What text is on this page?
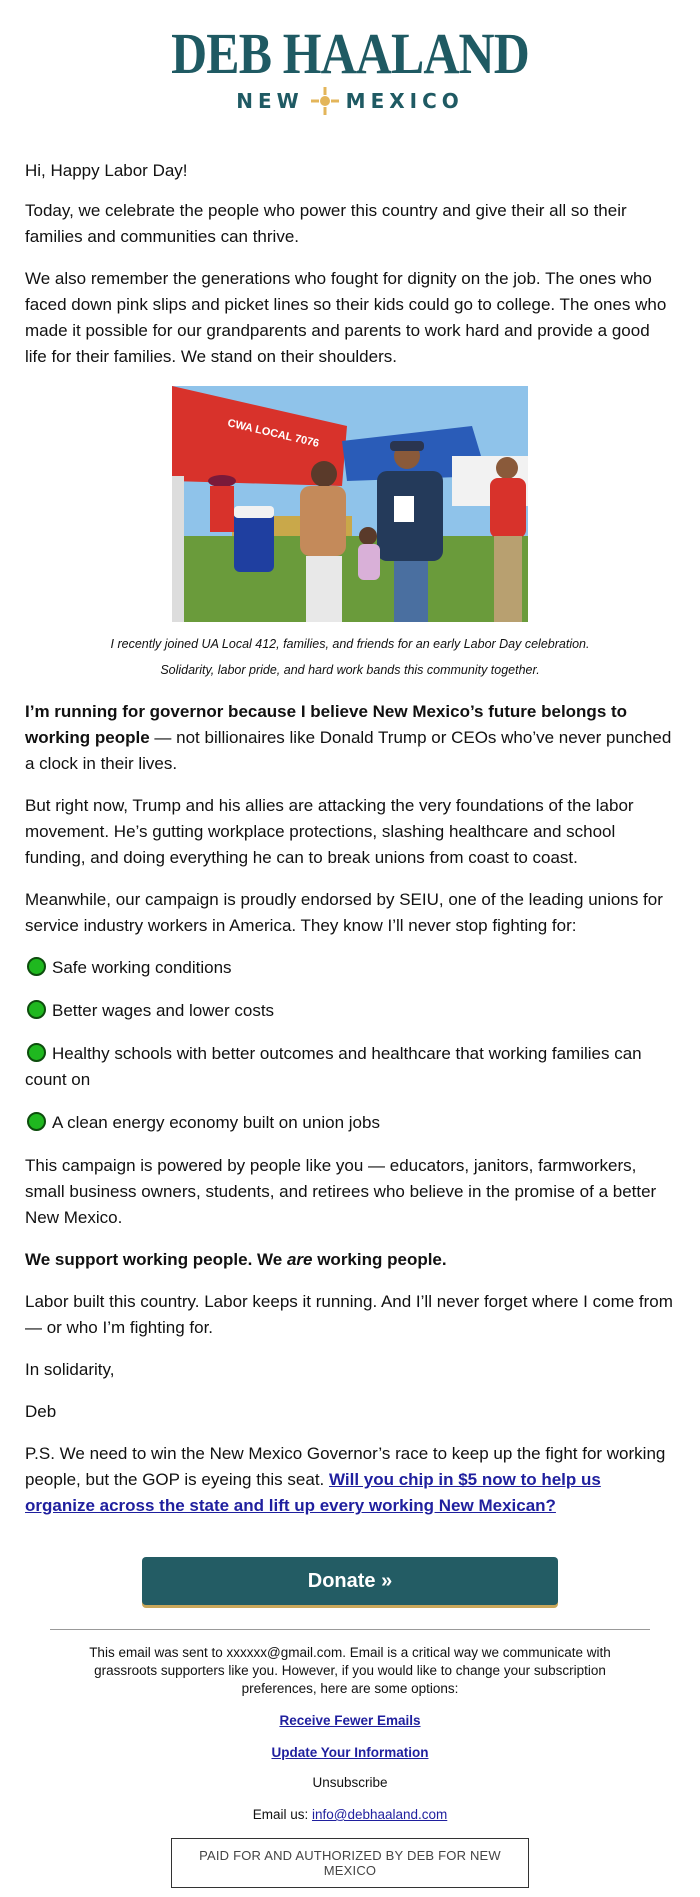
DEB HAALAND
NEW MEXICO

Hi, Happy Labor Day!

Today, we celebrate the people who power this country and give their all so their families and communities can thrive.

We also remember the generations who fought for dignity on the job. The ones who faced down pink slips and picket lines so their kids could go to college. The ones who made it possible for our grandparents and parents to work hard and provide a good life for their families. We stand on their shoulders.

CWA LOCAL 7076
I recently joined UA Local 412, families, and friends for an early Labor Day celebration.
Solidarity, labor pride, and hard work bands this community together.

I’m running for governor because I believe New Mexico’s future belongs to working people — not billionaires like Donald Trump or CEOs who’ve never punched a clock in their lives.

But right now, Trump and his allies are attacking the very foundations of the labor movement. He’s gutting workplace protections, slashing healthcare and school funding, and doing everything he can to break unions from coast to coast.

Meanwhile, our campaign is proudly endorsed by SEIU, one of the leading unions for service industry workers in America. They know I’ll never stop fighting for:

Safe working conditions
Better wages and lower costs
Healthy schools with better outcomes and healthcare that working families can count on
A clean energy economy built on union jobs

This campaign is powered by people like you — educators, janitors, farmworkers, small business owners, students, and retirees who believe in the promise of a better New Mexico.

We support working people. We are working people.

Labor built this country. Labor keeps it running. And I’ll never forget where I come from — or who I’m fighting for.

In solidarity,

Deb

P.S. We need to win the New Mexico Governor’s race to keep up the fight for working people, but the GOP is eyeing this seat. Will you chip in $5 now to help us organize across the state and lift up every working New Mexican?

Donate »
This email was sent to xxxxxx@gmail.com. Email is a critical way we communicate with grassroots supporters like you. However, if you would like to change your subscription preferences, here are some options:
Receive Fewer Emails
Update Your Information
Unsubscribe
Email us: info@debhaaland.com
PAID FOR AND AUTHORIZED BY DEB FOR NEW MEXICO
